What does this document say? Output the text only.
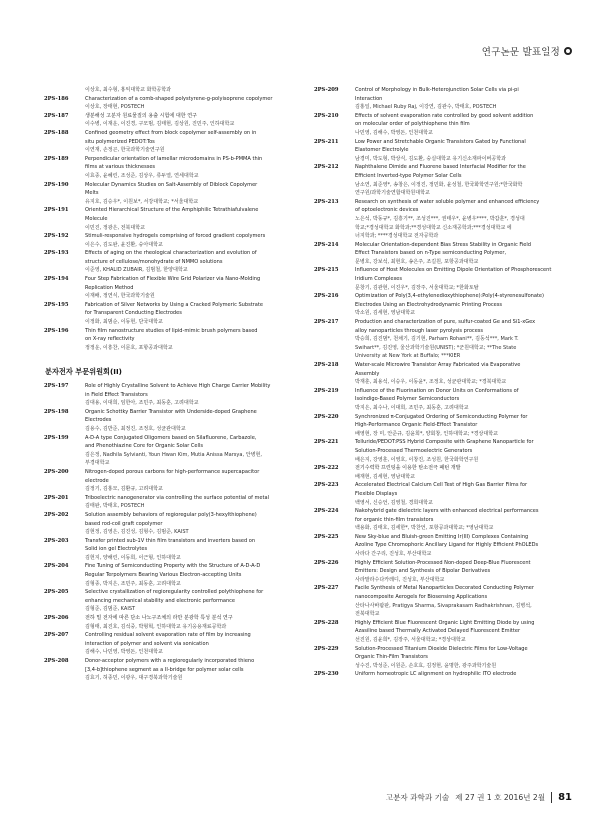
연구논문 발표일정
이상호, 최수형, 홍익대학교 화학공학과
2PS-186	Characterization of a comb-shaped polystyrene-g-polyisoprene copolymer
이상호, 장태현, POSTECH
2PS-187	생분해성 고분자 원료물질의 용출 시험에 대한 연구
이수병, 이재운, 이진경, 구모범, 김태현, 김상원, 진민주, 인하대학교
2PS-188	Confined geometry effect from block copolymer self-assembly on in
situ polymerized PEDOT:Tos
이연재, 손정곤, 한국과학기술연구원
2PS-189	Perpendicular orientation of lamellar microdomains in PS-b-PMMA thin
films at various thicknesses
이효종, 윤혜린, 조성준, 김상우, 류두열, 연세대학교
2PS-190	Molecular Dynamics Studies on Salt-Assembly of Diblock Copolymer
Melts
유지호, 김승우*, 이원보*, 서강대학교; *서울대학교
2PS-191	Oriented Hierarchical Structure of the Amphiphilic Tetrathiafulvalene
Molecule
이민진, 정광은, 전북대학교
2PS-192	Stimuli-responsive hydrogels comprising of forced gradient copolymers
이은수, 김도완, 윤진환, 숭아대학교
2PS-193	Effects of aging on the rheological characterization and evolution of
structure of cellulose/monohydrate of NMMO solutions
이준영, KHALID ZUBAIR, 김범철, 한양대학교
2PS-194	Four Step Fabrication of Flexible Wire Grid Polarizer via Nano-Molding
Replication Method
이재배, 정연식, 한국과학기술원
2PS-195	Fabrication of Silver Networks by Using a Cracked Polymeric Substrate
for Transparent Conducting Electrodes
이정화, 최범순, 이동현, 단국대학교
2PS-196	Thin film nanostructure studies of lipid-mimic brush polymers based
on X-ray reflectivity
정정운, 이흥찬, 이문호, 포항공과대학교
분자전자 부문위원회(II)
2PS-197	Role of Highly Crystalline Solvent to Achieve High Charge Carrier Mobility
in Field Effect Transistors
김대용, 이대희, 임한아, 조민주, 최동훈, 고려대학교
2PS-198	Organic Schottky Barrier Transistor with Underside-doped Graphene
Electrodes
김용수, 김반준, 최정진, 조정호, 성균관대학교
2PS-199	A-D-A type Conjugated Oligomers based on Silafluorene, Carbazole,
and Phenothiazine Core for Organic Solar Cells
김은정, Nadhila Sylvianti, Youn Hwan Kim, Mutia Anissa Marsya, 안병현,
부경대학교
2PS-200	Nitrogen-doped porous carbons for high-performance supercapacitor
electrode
김정기, 김홍모, 김환규, 고려대학교
2PS-201	Triboelectric nanogenerator via controlling the surface potential of metal
김태완, 박태호, POSTECH
2PS-202	Solution assembly behaviors of regioregular poly(3-hexylthiophene)
based rod-coil graft copolymer
김현정, 김영은, 김진성, 김형수, 김범준, KAIST
2PS-203	Transfer printed sub-1V thin film transistors and inverters based on
Solid ion gel Electrolytes
김헌지, 양해린, 이동희, 이근형, 인하대학교
2PS-204	Fine Tuning of Semiconducting Property with the Structure of A-D-A-D
Regular Terpolymers Bearing Various Electron-accepting Units
김형종, 박지은, 조민주, 최동훈, 고려대학교
2PS-205	Selective crystallization of regioregularity controlled polythiophene for
enhancing mechanical stability and electronic performance
김형준, 김범준, KAIST
2PS-206	전하 밀 전자에 따른 단소 나노구조체의 라만 분광학 특성 분석 연구
김형태, 최진호, 김석중, 박형혁, 인하대학교 유기응용재료공학과
2PS-207	Controlling residual solvent evaporation rate of film by increasing
interaction of polymer and solvent via sonication
김해수, 나민영, 박영돈, 인천대학교
2PS-208	Donor-acceptor polymers with a regioregularly incorporated thieno
[3,4-b]thiophene segment as a II-bridge for polymer solar cells
김효기, 허종민, 이광우, 대구경북과학기술원
2PS-209	Control of Morphology in Bulk-Heterojunction Solar Cells via pi-pi
Interaction
김홍일, Michael Ruby Raj, 이강연, 김관수, 박태호, POSTECH
2PS-210	Effects of solvent evaporation rate controlled by good solvent addition
on molecular order of polythiophene thin film
나민영, 김해수, 박영돈, 인천대학교
2PS-211	Low Power and Stretchable Organic Transistors Gated by Functional
Elastomer Electrolyle
남경미, 박도형, 박상식, 김도환, 숭실대학교 유기신소재파이버공학과
2PS-212	Naphthalene Dimide and Fluorene based Interfacial Modifier for the
Efficient Inverted-type Polymer Solar Cells
남소연, 최준영*, 송창은, 이정진, 정민화, 윤성철, 한국화학연구원;*한국화학
연구원/과학기술연합대학원대학교
2PS-213	Research on synthesis of water soluble polymer and enhanced efficiency
of optoelectronic devices
노은석, 박동규*, 김흥기**, 조성진***, 권태우*, 윤병우****, 박갑훈*, 경성대
학교;*경성대학교 화학과;**경성대학교 신소재공학과;***경성대학교 에
너지학과; ****경성대학교 전자공학과
2PS-214	Molecular Orientation-dependent Bias Stress Stability in Organic Field
Effect Transistors based on n-Type semiconducting Polymer,
문병호, 강보석, 최현호, 송은주, 조길원, 포항공과대학교
2PS-215	Influence of Host Molecules on Emitting Dipole Orientation of Phosphorescent
Iridium Complexes
문창기, 김관현, 이진우*, 김장주, 서울대학교; *한화토탈
2PS-216	Optimization of Poly(3,4-ethylenedioxythiophene):Poly(4-styrenesulfonate)
Electrodes Using an Electrohydrodynamic Printing Process
박소원, 김세현, 영남대학교
2PS-217	Production and characterization of pure, sulfur-coated Ge and Si1-xGex
alloy nanoparticles through laser pyrolysis process
박승희, 김진범*, 천채기, 김기현, Parham Rohani**, 김동석***, Mark T.
Swihart**, 김진영, 울산과학기술원(UNIST); *군원대학교; **The State
University at New York at Buffalo; ***KIER
2PS-218	Water-scale Microwire Transistor Array Fabricated via Evaporative
Assembly
박재훈, 최용석, 이승우, 이동윤*, 조정호, 성균관대학교; *경북대학교
2PS-219	Influence of the Fluorination on Donor Units on Conformations of
Isoindigo-Based Polymer Semiconductors
박지은, 최수나, 이대희, 조민주, 최동훈, 고려대학교
2PS-220	Synchronized π-Conjugated Ordering of Semiconducting Polymer for
High-Performance Organic Field-Effect Transistor
배영현, 장 미, 안준규, 김윤희*, 양회창, 인하대학교; *경상대학교
2PS-221	Telluride/PEDOT:PSS Hybrid Composite with Graphene Nanoparticle for
Solution-Processed Thermoelectric Generators
배은지, 강영훈, 이영호, 이창진, 조성원, 한국화학연구원
2PS-222	전기수력학 프린팅을 이용한 탄소전극 패턴 개발
배재현, 김세현, 영남대학교
2PS-223	Accelerated Electrical Calcium Cell Test of High Gas Barrier Films for
Flexible Displays
백영서, 신승언, 김영철, 경희대학교
2PS-224	Nakohybrid gate dielectric layers with enhanced electrical performances
for organic thin-film transistors
백용화, 김태호, 김세한*, 박찬언, 포항공과대학교; *영남대학교
2PS-225	New Sky-blue and Bluish-green Emitting Ir(III) Complexes Containing
Azoline Type Chromophoric Ancillary Ligand for Highly Efficient PhOLEDs
사라다 간구리, 진성호, 부산대학교
2PS-226	Highly Efficient Solution-Processed Non-doped Deep-Blue Fluorescent
Emitters: Design and Synthesis of Bipolar Derivatives
사라말라수다카레디, 진성호, 부산대학교
2PS-227	Facile Synthesis of Metal Nanoparticles Decorated Conducting Polymer
nanocomposite Aerogels for Biosensing Applications
산타나사바팜판, Pratigya Sharma, Sivaprakasam Radhakrishnan, 김병석,
전북대학교
2PS-228	Highly Efficient Blue Fluorescent Organic Light Emitting Diode by using
Azasiline based Thermally Activated Delayed Fluorescent Emitter
선진원, 김윤희*, 김장주, 서울대학교; *경상대학교
2PS-229	Solution-Processed Titanium Dioxide Dielectric Films for Low-Voltage
Organic Thin-Film Transistors
성수진, 박성준, 이원준, 손호효, 김정현, 윤명한, 광주과학기술원
2PS-230	Uniform homeotropic LC alignment on hydrophilic ITO electrode
고분자 과학과 기술 제 27 권 1 호 2016년 2월 81
